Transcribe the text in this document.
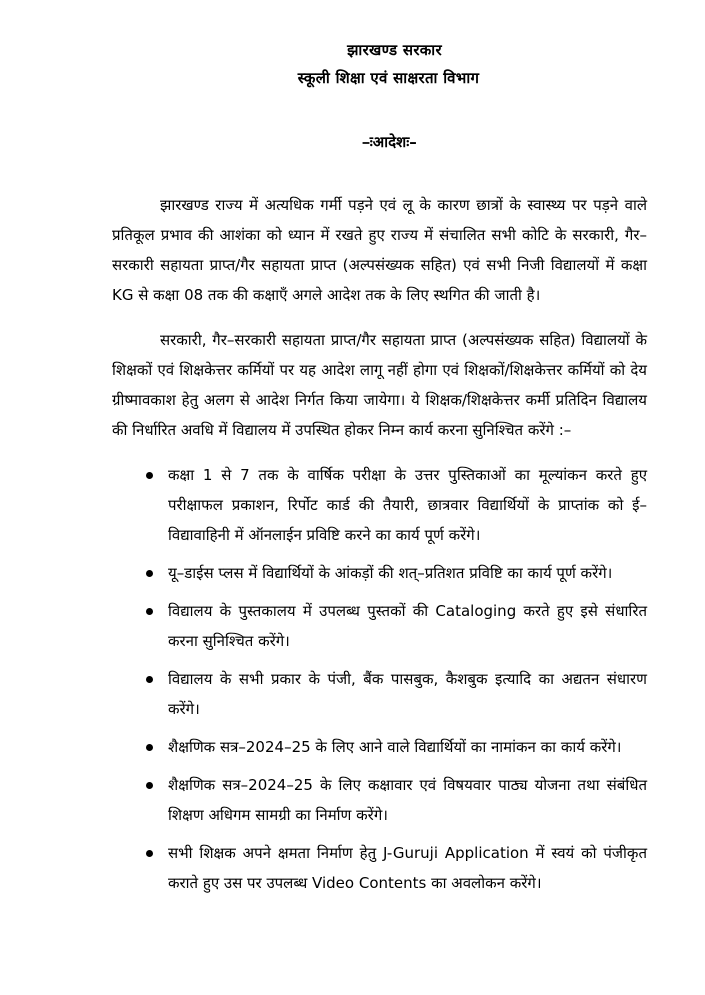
झारखण्ड सरकार
स्कूली शिक्षा एवं साक्षरता विभाग
–ःआदेशः–

झारखण्ड राज्य में अत्यधिक गर्मी पड़ने एवं लू के कारण छात्रों के स्वास्थ्य पर पड़ने वाले प्रतिकूल प्रभाव की आशंका को ध्यान में रखते हुए राज्य में संचालित सभी कोटि के सरकारी, गैर–सरकारी सहायता प्राप्त/गैर सहायता प्राप्त (अल्पसंख्यक सहित) एवं सभी निजी विद्यालयों में कक्षा KG से कक्षा 08 तक की कक्षाएँ अगले आदेश तक के लिए स्थगित की जाती है।

सरकारी, गैर–सरकारी सहायता प्राप्त/गैर सहायता प्राप्त (अल्पसंख्यक सहित) विद्यालयों के शिक्षकों एवं शिक्षकेत्तर कर्मियों पर यह आदेश लागू नहीं होगा एवं शिक्षकों/शिक्षकेत्तर कर्मियों को देय ग्रीष्मावकाश हेतु अलग से आदेश निर्गत किया जायेगा। ये शिक्षक/शिक्षकेत्तर कर्मी प्रतिदिन विद्यालय की निर्धारित अवधि में विद्यालय में उपस्थित होकर निम्न कार्य करना सुनिश्चित करेंगे :–

कक्षा 1 से 7 तक के वार्षिक परीक्षा के उत्तर पुस्तिकाओं का मूल्यांकन करते हुए परीक्षाफल प्रकाशन, रिर्पोट कार्ड की तैयारी, छात्रवार विद्यार्थियों के प्राप्तांक को ई–विद्यावाहिनी में ऑनलाईन प्रविष्टि करने का कार्य पूर्ण करेंगे।
यू–डाईस प्लस में विद्यार्थियों के आंकड़ों की शत्–प्रतिशत प्रविष्टि का कार्य पूर्ण करेंगे।
विद्यालय के पुस्तकालय में उपलब्ध पुस्तकों की Cataloging करते हुए इसे संधारित करना सुनिश्चित करेंगे।
विद्यालय के सभी प्रकार के पंजी, बैंक पासबुक, कैशबुक इत्यादि का अद्यतन संधारण करेंगे।
शैक्षणिक सत्र–2024–25 के लिए आने वाले विद्यार्थियों का नामांकन का कार्य करेंगे।
शैक्षणिक सत्र–2024–25 के लिए कक्षावार एवं विषयवार पाठ्य योजना तथा संबंधित शिक्षण अधिगम सामग्री का निर्माण करेंगे।
सभी शिक्षक अपने क्षमता निर्माण हेतु J-Guruji Application में स्वयं को पंजीकृत कराते हुए उस पर उपलब्ध Video Contents का अवलोकन करेंगे।
